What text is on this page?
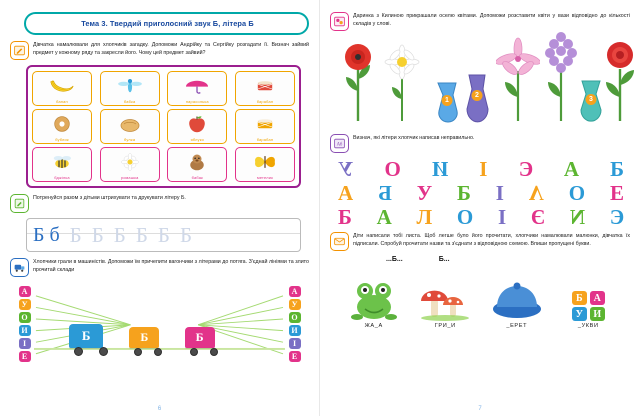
Тема 3. Твердий приголосний звук Б, літера Б
Дівчатка намалювали для хлопчиків загадку. Допоможи Андрійку та Сергійку розгадати її. Визнач зайвий предмет у кожному ряду та закресли його. Чому цей предмет зайвий?
банан	бабка	парасолька	барабан
бублик	булка	яблуко	барабан
бджілка	ромашка	бабак	метелик
Потренуйся разом з дітьми штрихувати та друкувати літеру Б.
Б б Б Б Б Б Б Б
Хлопчики грали в машиністів. Допоможи їм причепити вагончики з літерами до потяга. З'єднай лініями та злито прочитай склади
А
У
О
И
І
Е
А
У
О
И
І
Е
Б	Б	Б
6
Даринка з Килиною прикрашали оселю квітами. Допоможи розставити квіти у вази відповідно до кількості складів у слові.
1
2
3
Аб
Визнач, які літери хлопчик написав неправильно.
У O И I Є А Б
А Б У Б I V O Е
Б А Л О I Є N Є
Діти написали тобі листа. Щоб легше було його прочитати, хлопчики намалювали малюнки, дівчатка їх підписали. Спробуй прочитати назви та з'єднати з відповідною схемою. Впиши пропущені букви.
...Б...	Б...
ЖА_А	ГРИ_И	_ЕРЕТ
Б
У
А
И
_УКВИ
7
